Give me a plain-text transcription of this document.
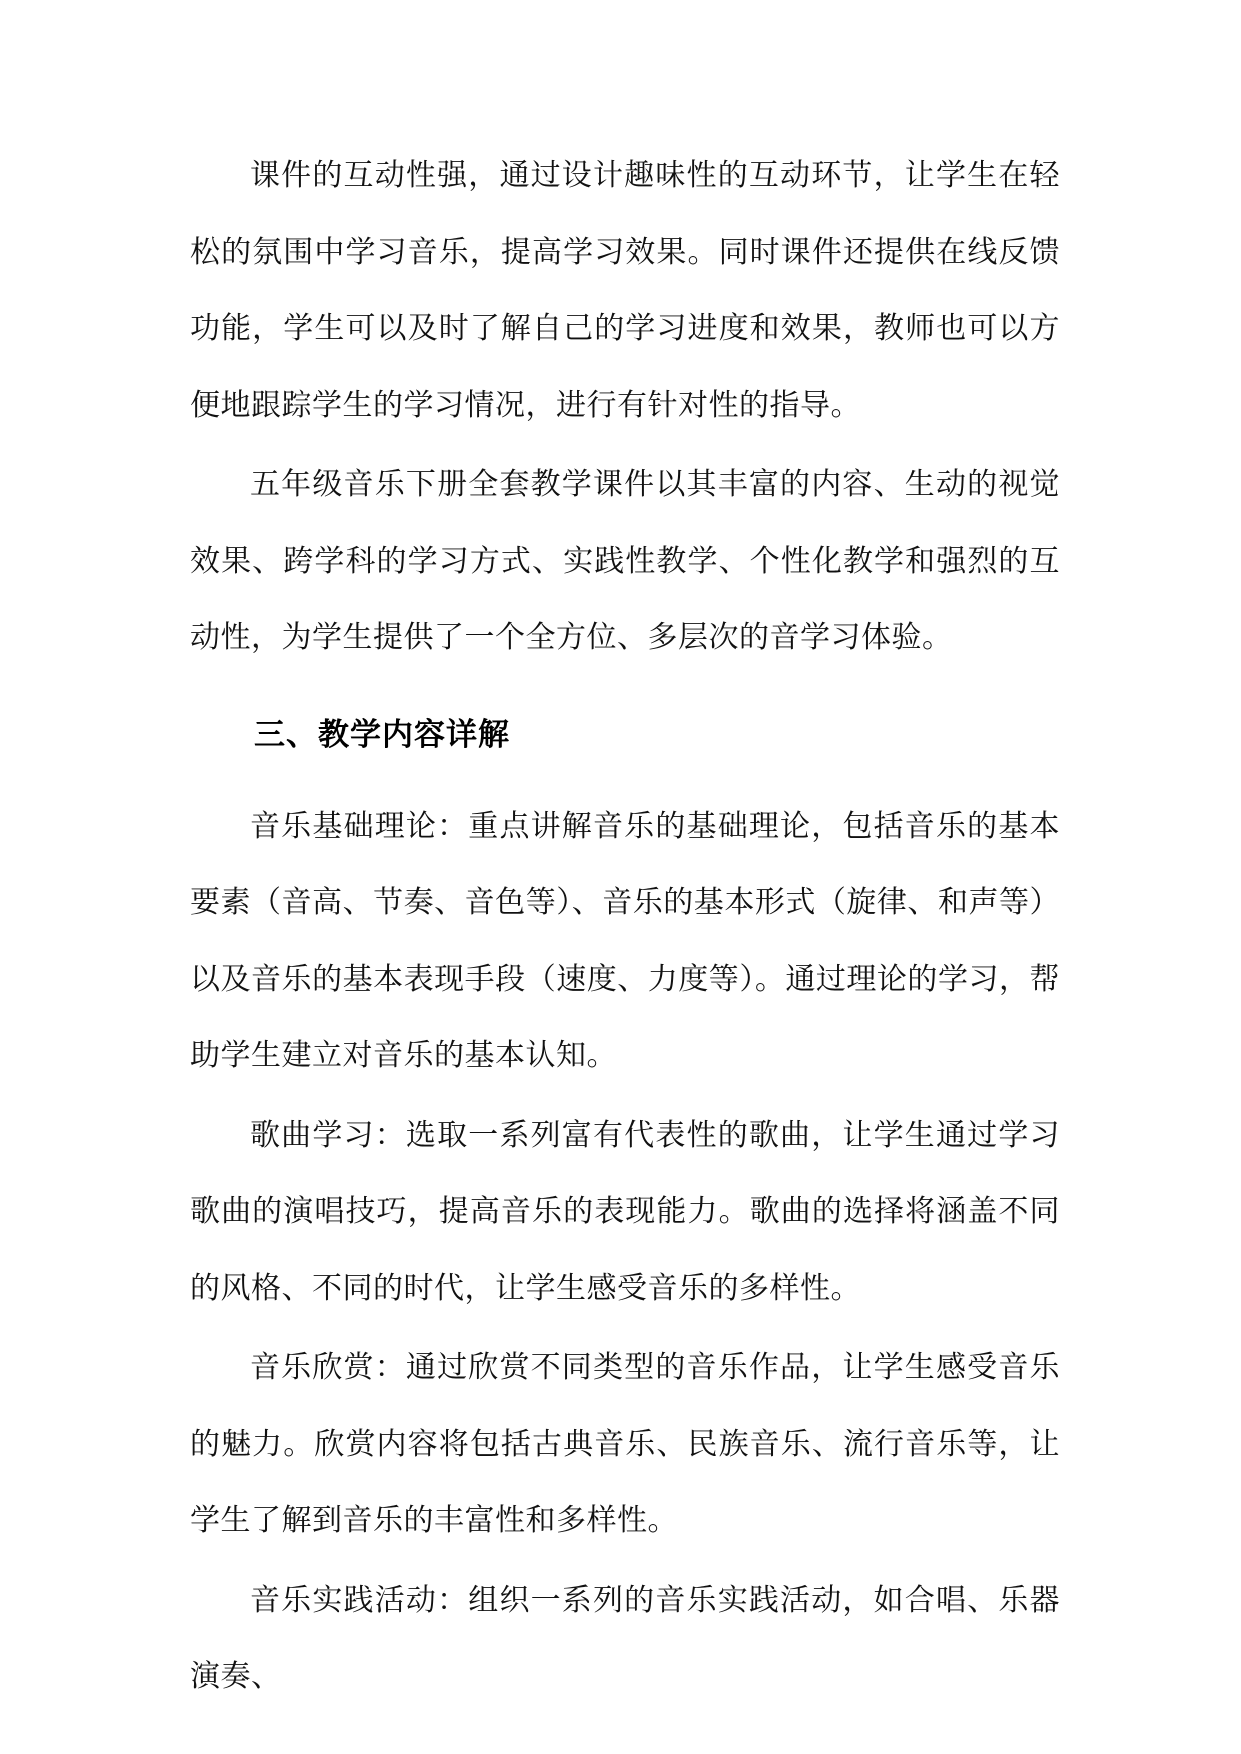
课件的互动性强，通过设计趣味性的互动环节，让学生在轻松的氛围中学习音乐，提高学习效果。同时课件还提供在线反馈功能，学生可以及时了解自己的学习进度和效果，教师也可以方便地跟踪学生的学习情况，进行有针对性的指导。

五年级音乐下册全套教学课件以其丰富的内容、生动的视觉效果、跨学科的学习方式、实践性教学、个性化教学和强烈的互动性，为学生提供了一个全方位、多层次的音学习体验。

三、教学内容详解

音乐基础理论：重点讲解音乐的基础理论，包括音乐的基本要素（音高、节奏、音色等）、音乐的基本形式（旋律、和声等）以及音乐的基本表现手段（速度、力度等）。通过理论的学习，帮助学生建立对音乐的基本认知。

歌曲学习：选取一系列富有代表性的歌曲，让学生通过学习歌曲的演唱技巧，提高音乐的表现能力。歌曲的选择将涵盖不同的风格、不同的时代，让学生感受音乐的多样性。

音乐欣赏：通过欣赏不同类型的音乐作品，让学生感受音乐的魅力。欣赏内容将包括古典音乐、民族音乐、流行音乐等，让学生了解到音乐的丰富性和多样性。

音乐实践活动：组织一系列的音乐实践活动，如合唱、乐器演奏、
